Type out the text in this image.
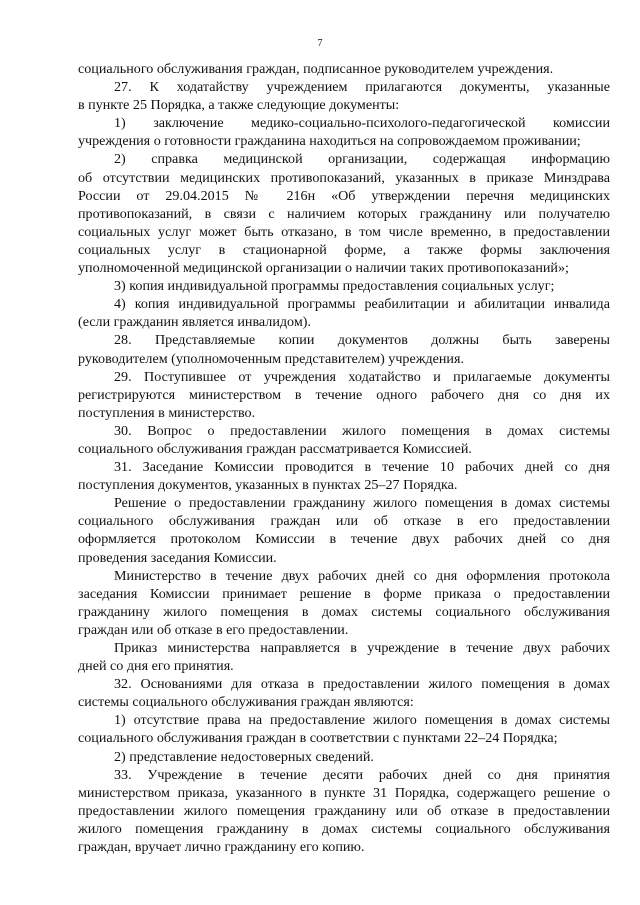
7
социального обслуживания граждан, подписанное руководителем учреждения.
27. К ходатайству учреждением прилагаются документы, указанные
в пункте 25 Порядка, а также следующие документы:
1) заключение медико-социально-психолого-педагогической комиссии
учреждения о готовности гражданина находиться на сопровождаемом проживании;
2) справка медицинской организации, содержащая информацию
об отсутствии медицинских противопоказаний, указанных в приказе Минздрава
России от 29.04.2015 № 216н «Об утверждении перечня медицинских
противопоказаний, в связи с наличием которых гражданину или получателю
социальных услуг может быть отказано, в том числе временно, в предоставлении
социальных услуг в стационарной форме, а также формы заключения
уполномоченной медицинской организации о наличии таких противопоказаний»;
3) копия индивидуальной программы предоставления социальных услуг;
4) копия индивидуальной программы реабилитации и абилитации инвалида
(если гражданин является инвалидом).
28. Представляемые копии документов должны быть заверены
руководителем (уполномоченным представителем) учреждения.
29. Поступившее от учреждения ходатайство и прилагаемые документы
регистрируются министерством в течение одного рабочего дня со дня их
поступления в министерство.
30. Вопрос о предоставлении жилого помещения в домах системы
социального обслуживания граждан рассматривается Комиссией.
31. Заседание Комиссии проводится в течение 10 рабочих дней со дня
поступления документов, указанных в пунктах 25–27 Порядка.
Решение о предоставлении гражданину жилого помещения в домах системы
социального обслуживания граждан или об отказе в его предоставлении
оформляется протоколом Комиссии в течение двух рабочих дней со дня
проведения заседания Комиссии.
Министерство в течение двух рабочих дней со дня оформления протокола
заседания Комиссии принимает решение в форме приказа о предоставлении
гражданину жилого помещения в домах системы социального обслуживания
граждан или об отказе в его предоставлении.
Приказ министерства направляется в учреждение в течение двух рабочих
дней со дня его принятия.
32. Основаниями для отказа в предоставлении жилого помещения в домах
системы социального обслуживания граждан являются:
1) отсутствие права на предоставление жилого помещения в домах системы
социального обслуживания граждан в соответствии с пунктами 22–24 Порядка;
2) представление недостоверных сведений.
33. Учреждение в течение десяти рабочих дней со дня принятия
министерством приказа, указанного в пункте 31 Порядка, содержащего решение о
предоставлении жилого помещения гражданину или об отказе в предоставлении
жилого помещения гражданину в домах системы социального обслуживания
граждан, вручает лично гражданину его копию.
